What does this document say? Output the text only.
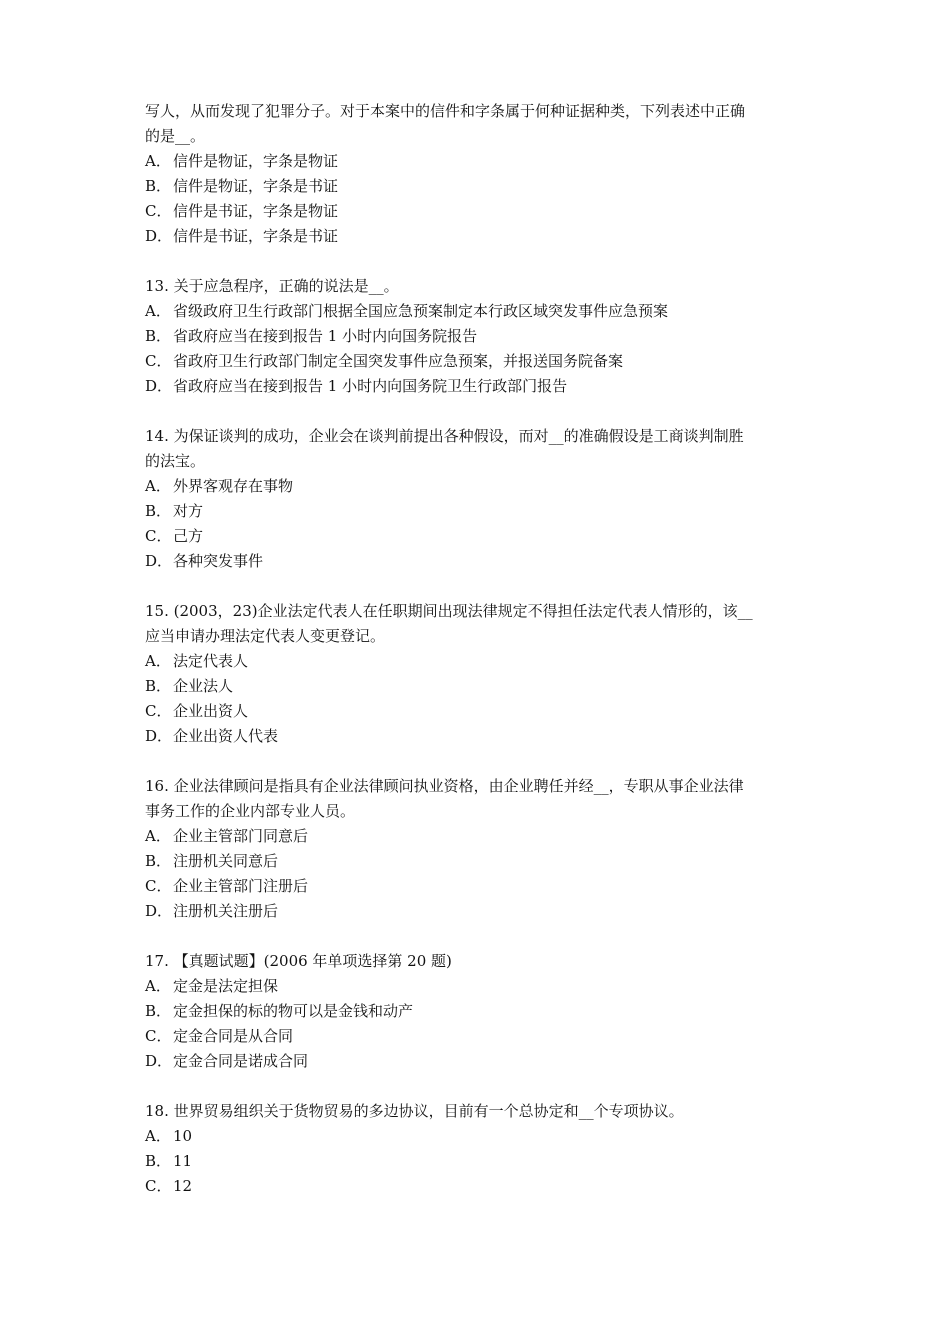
写人，从而发现了犯罪分子。对于本案中的信件和字条属于何种证据种类，下列表述中正确

的是__。

A． 信件是物证，字条是物证

B． 信件是物证，字条是书证

C． 信件是书证，字条是物证

D．信件是书证，字条是书证

13. 关于应急程序，正确的说法是__。

A． 省级政府卫生行政部门根据全国应急预案制定本行政区域突发事件应急预案

B． 省政府应当在接到报告 1 小时内向国务院报告

C． 省政府卫生行政部门制定全国突发事件应急预案，并报送国务院备案

D．省政府应当在接到报告 1 小时内向国务院卫生行政部门报告

14. 为保证谈判的成功，企业会在谈判前提出各种假设，而对__的准确假设是工商谈判制胜

的法宝。

A． 外界客观存在事物

B． 对方

C． 己方

D．各种突发事件

15. (2003，23)企业法定代表人在任职期间出现法律规定不得担任法定代表人情形的，该__

应当申请办理法定代表人变更登记。

A． 法定代表人

B． 企业法人

C． 企业出资人

D．企业出资人代表

16. 企业法律顾问是指具有企业法律顾问执业资格，由企业聘任并经__，专职从事企业法律

事务工作的企业内部专业人员。

A． 企业主管部门同意后

B． 注册机关同意后

C． 企业主管部门注册后

D．注册机关注册后

17. 【真题试题】(2006 年单项选择第 20 题)

A． 定金是法定担保

B． 定金担保的标的物可以是金钱和动产

C． 定金合同是从合同

D．定金合同是诺成合同

18. 世界贸易组织关于货物贸易的多边协议，目前有一个总协定和__个专项协议。

A． 10

B． 11

C． 12
